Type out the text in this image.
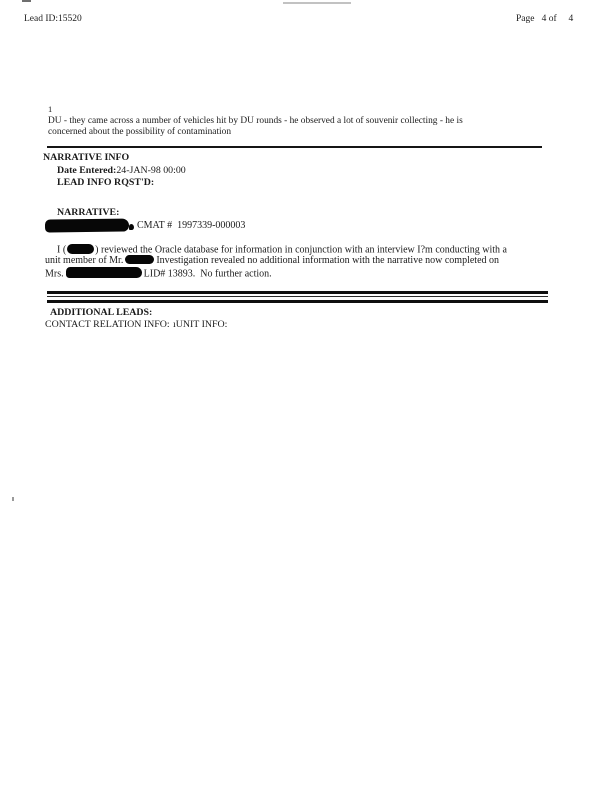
Lead ID:15520	Page   4 of     4
1
DU - they came across a number of vehicles hit by DU rounds - he observed a lot of souvenir collecting - he is
concerned about the possibility of contamination
NARRATIVE INFO
Date Entered:24-JAN-98 00:00
LEAD INFO RQST'D:
NARRATIVE:
CMAT #  1997339-000003
I (	) reviewed the Oracle database for information in conjunction with an interview I?m conducting with a
unit member of Mr.	Investigation revealed no additional information with the narrative now completed on
Mrs.	LID# 13893.  No further action.
ADDITIONAL LEADS:
CONTACT RELATION INFO: ıUNIT INFO:
